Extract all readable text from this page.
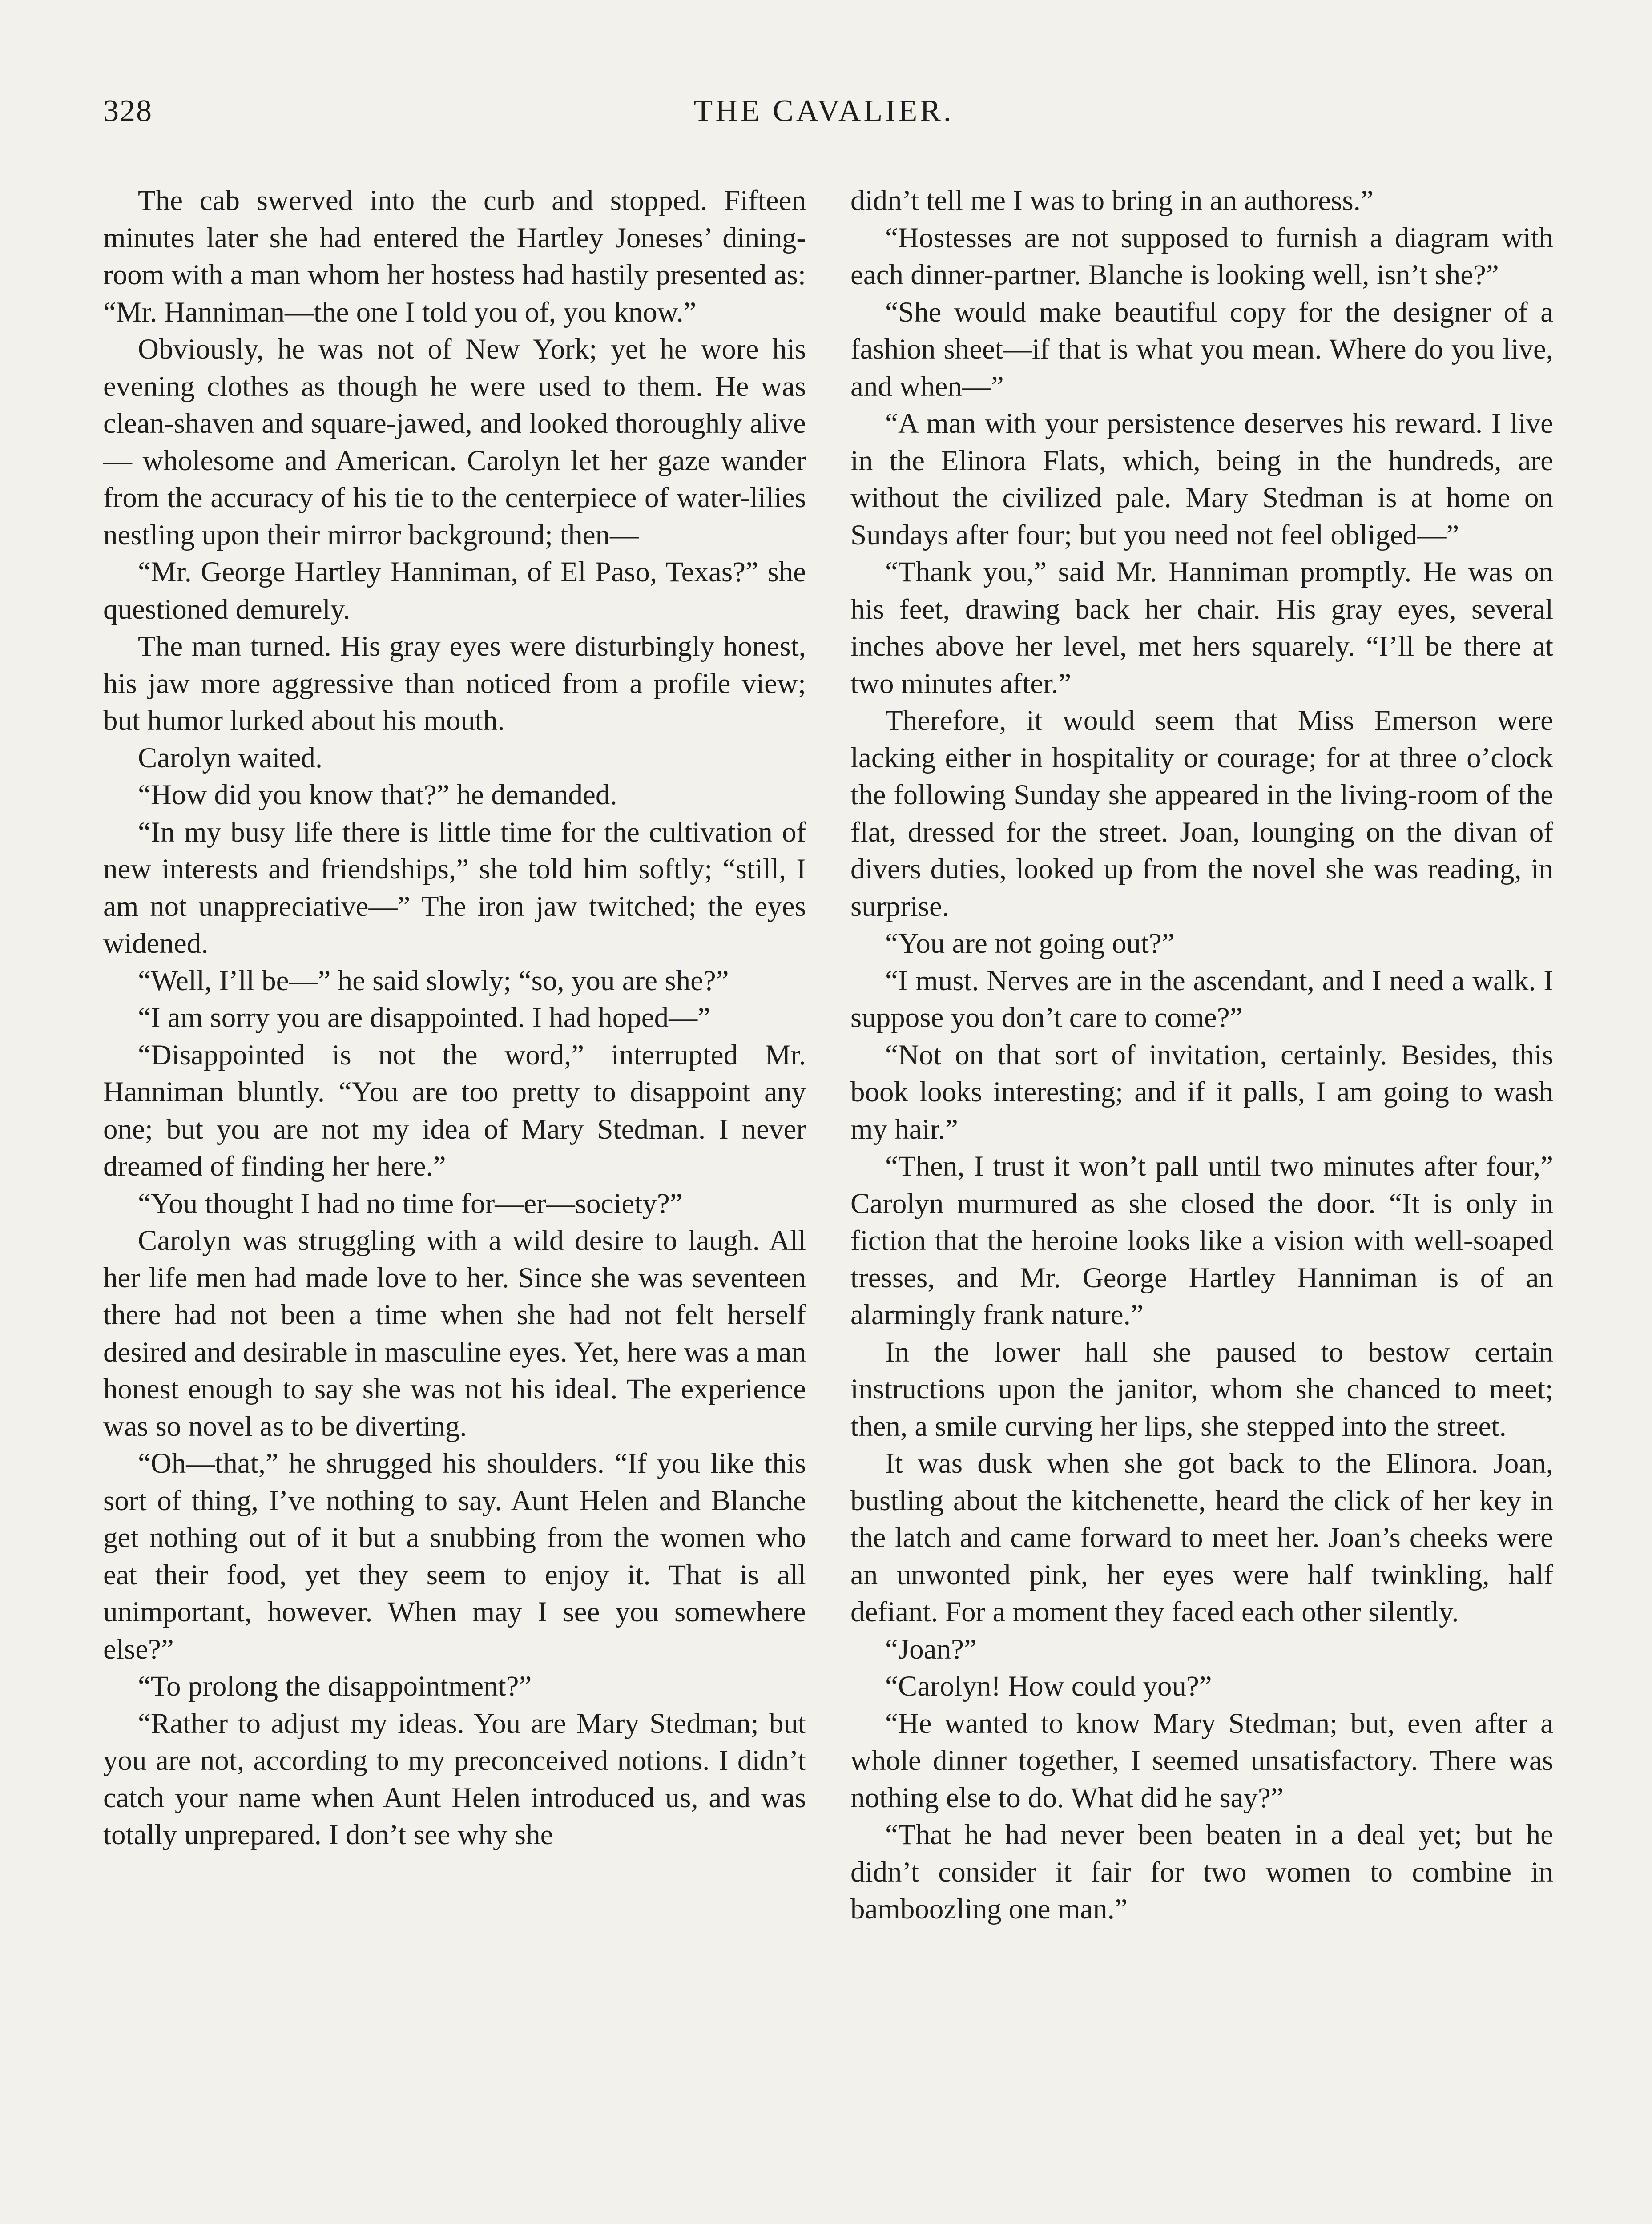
328	THE CAVALIER.

The cab swerved into the curb and stopped. Fifteen minutes later she had entered the Hartley Joneses’ dining-room with a man whom her hostess had hastily presented as: “Mr. Hanniman—the one I told you of, you know.”

Obviously, he was not of New York; yet he wore his evening clothes as though he were used to them. He was clean-shaven and square-jawed, and looked thoroughly alive— wholesome and American. Carolyn let her gaze wander from the accuracy of his tie to the centerpiece of water-lilies nestling upon their mirror background; then—

“Mr. George Hartley Hanniman, of El Paso, Texas?” she questioned demurely.

The man turned. His gray eyes were disturbingly honest, his jaw more aggressive than noticed from a profile view; but humor lurked about his mouth.

Carolyn waited.

“How did you know that?” he demanded.

“In my busy life there is little time for the cultivation of new interests and friendships,” she told him softly; “still, I am not unappreciative—” The iron jaw twitched; the eyes widened.

“Well, I’ll be—” he said slowly; “so, you are she?”

“I am sorry you are disappointed. I had hoped—”

“Disappointed is not the word,” interrupted Mr. Hanniman bluntly. “You are too pretty to disappoint any one; but you are not my idea of Mary Stedman. I never dreamed of finding her here.”

“You thought I had no time for—er—society?”

Carolyn was struggling with a wild desire to laugh. All her life men had made love to her. Since she was seventeen there had not been a time when she had not felt herself desired and desirable in masculine eyes. Yet, here was a man honest enough to say she was not his ideal. The experience was so novel as to be diverting.

“Oh—that,” he shrugged his shoulders. “If you like this sort of thing, I’ve nothing to say. Aunt Helen and Blanche get nothing out of it but a snubbing from the women who eat their food, yet they seem to enjoy it. That is all unimportant, however. When may I see you somewhere else?”

“To prolong the disappointment?”

“Rather to adjust my ideas. You are Mary Stedman; but you are not, according to my preconceived notions. I didn’t catch your name when Aunt Helen introduced us, and was totally unprepared. I don’t see why she

didn’t tell me I was to bring in an authoress.”

“Hostesses are not supposed to furnish a diagram with each dinner-partner. Blanche is looking well, isn’t she?”

“She would make beautiful copy for the designer of a fashion sheet—if that is what you mean. Where do you live, and when—”

“A man with your persistence deserves his reward. I live in the Elinora Flats, which, being in the hundreds, are without the civilized pale. Mary Stedman is at home on Sundays after four; but you need not feel obliged—”

“Thank you,” said Mr. Hanniman promptly. He was on his feet, drawing back her chair. His gray eyes, several inches above her level, met hers squarely. “I’ll be there at two minutes after.”

Therefore, it would seem that Miss Emerson were lacking either in hospitality or courage; for at three o’clock the following Sunday she appeared in the living-room of the flat, dressed for the street. Joan, lounging on the divan of divers duties, looked up from the novel she was reading, in surprise.

“You are not going out?”

“I must. Nerves are in the ascendant, and I need a walk. I suppose you don’t care to come?”

“Not on that sort of invitation, certainly. Besides, this book looks interesting; and if it palls, I am going to wash my hair.”

“Then, I trust it won’t pall until two minutes after four,” Carolyn murmured as she closed the door. “It is only in fiction that the heroine looks like a vision with well-soaped tresses, and Mr. George Hartley Hanniman is of an alarmingly frank nature.”

In the lower hall she paused to bestow certain instructions upon the janitor, whom she chanced to meet; then, a smile curving her lips, she stepped into the street.

It was dusk when she got back to the Elinora. Joan, bustling about the kitchenette, heard the click of her key in the latch and came forward to meet her. Joan’s cheeks were an unwonted pink, her eyes were half twinkling, half defiant. For a moment they faced each other silently.

“Joan?”

“Carolyn! How could you?”

“He wanted to know Mary Stedman; but, even after a whole dinner together, I seemed unsatisfactory. There was nothing else to do. What did he say?”

“That he had never been beaten in a deal yet; but he didn’t consider it fair for two women to combine in bamboozling one man.”
